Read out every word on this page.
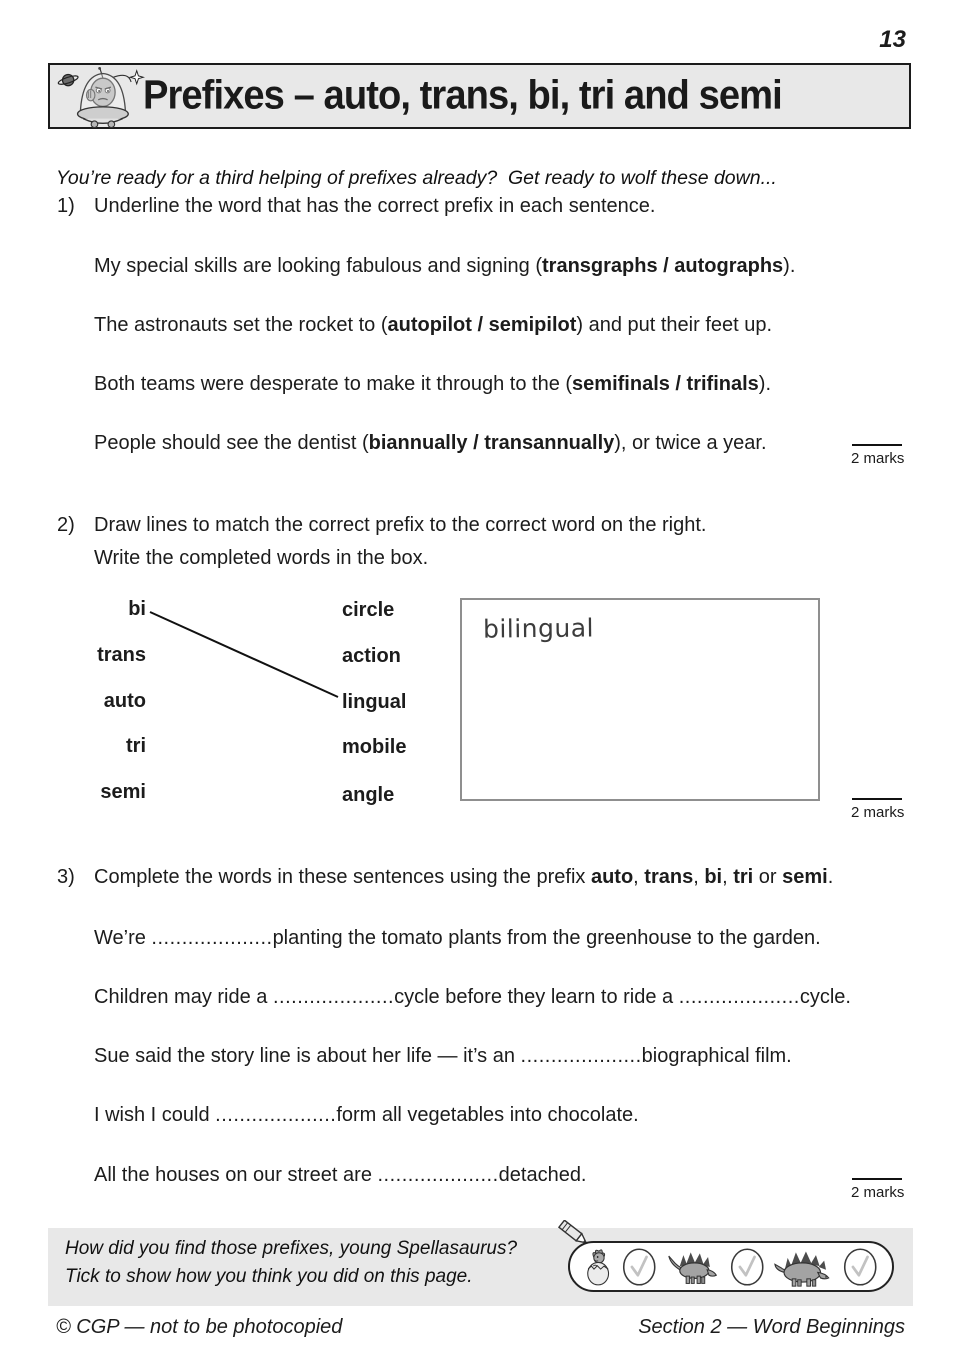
13
Prefixes – auto, trans, bi, tri and semi

You’re ready for a third helping of prefixes already?  Get ready to wolf these down...

1) Underline the word that has the correct prefix in each sentence.
My special skills are looking fabulous and signing (transgraphs / autographs).
The astronauts set the rocket to (autopilot / semipilot) and put their feet up.
Both teams were desperate to make it through to the (semifinals / trifinals).
People should see the dentist (biannually / transannually), or twice a year.
2 marks
2) Draw lines to match the correct prefix to the correct word on the right.
Write the completed words in the box.
bi
trans
auto
tri
semi
circle
action
lingual
mobile
angle
bilingual
2 marks
3) Complete the words in these sentences using the prefix auto, trans, bi, tri or semi.
We’re ....................planting the tomato plants from the greenhouse to the garden.
Children may ride a ....................cycle before they learn to ride a ....................cycle.
Sue said the story line is about her life — it’s an ....................biographical film.
I wish I could ....................form all vegetables into chocolate.
All the houses on our street are ....................detached.
2 marks
How did you find those prefixes, young Spellasaurus?
Tick to show how you think you did on this page.
© CGP — not to be photocopied	Section 2 — Word Beginnings
